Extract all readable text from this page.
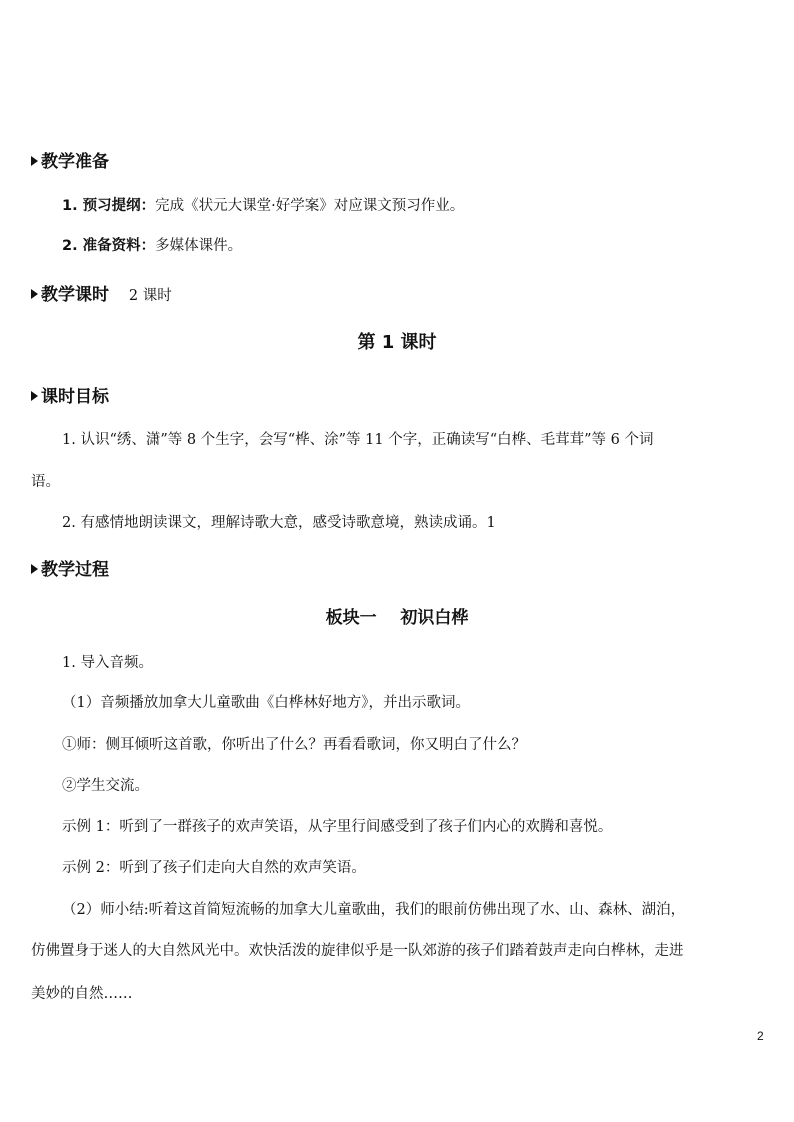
教学准备
1. 预习提纲：完成《状元大课堂·好学案》对应课文预习作业。
2. 准备资料：多媒体课件。
教学课时 2 课时
第 1 课时
课时目标
1. 认识“绣、潇”等 8 个生字，会写“桦、涂”等 11 个字，正确读写“白桦、毛茸茸”等 6 个词
语。
2. 有感情地朗读课文，理解诗歌大意，感受诗歌意境，熟读成诵。1
教学过程
板块一    初识白桦
1. 导入音频。
（1）音频播放加拿大儿童歌曲《白桦林好地方》，并出示歌词。
①师：侧耳倾听这首歌，你听出了什么？再看看歌词，你又明白了什么？
②学生交流。
示例 1：听到了一群孩子的欢声笑语，从字里行间感受到了孩子们内心的欢腾和喜悦。
示例 2：听到了孩子们走向大自然的欢声笑语。
（2）师小结:听着这首简短流畅的加拿大儿童歌曲，我们的眼前仿佛出现了水、山、森林、湖泊，
仿佛置身于迷人的大自然风光中。欢快活泼的旋律似乎是一队郊游的孩子们踏着鼓声走向白桦林，走进
美妙的自然……
2
